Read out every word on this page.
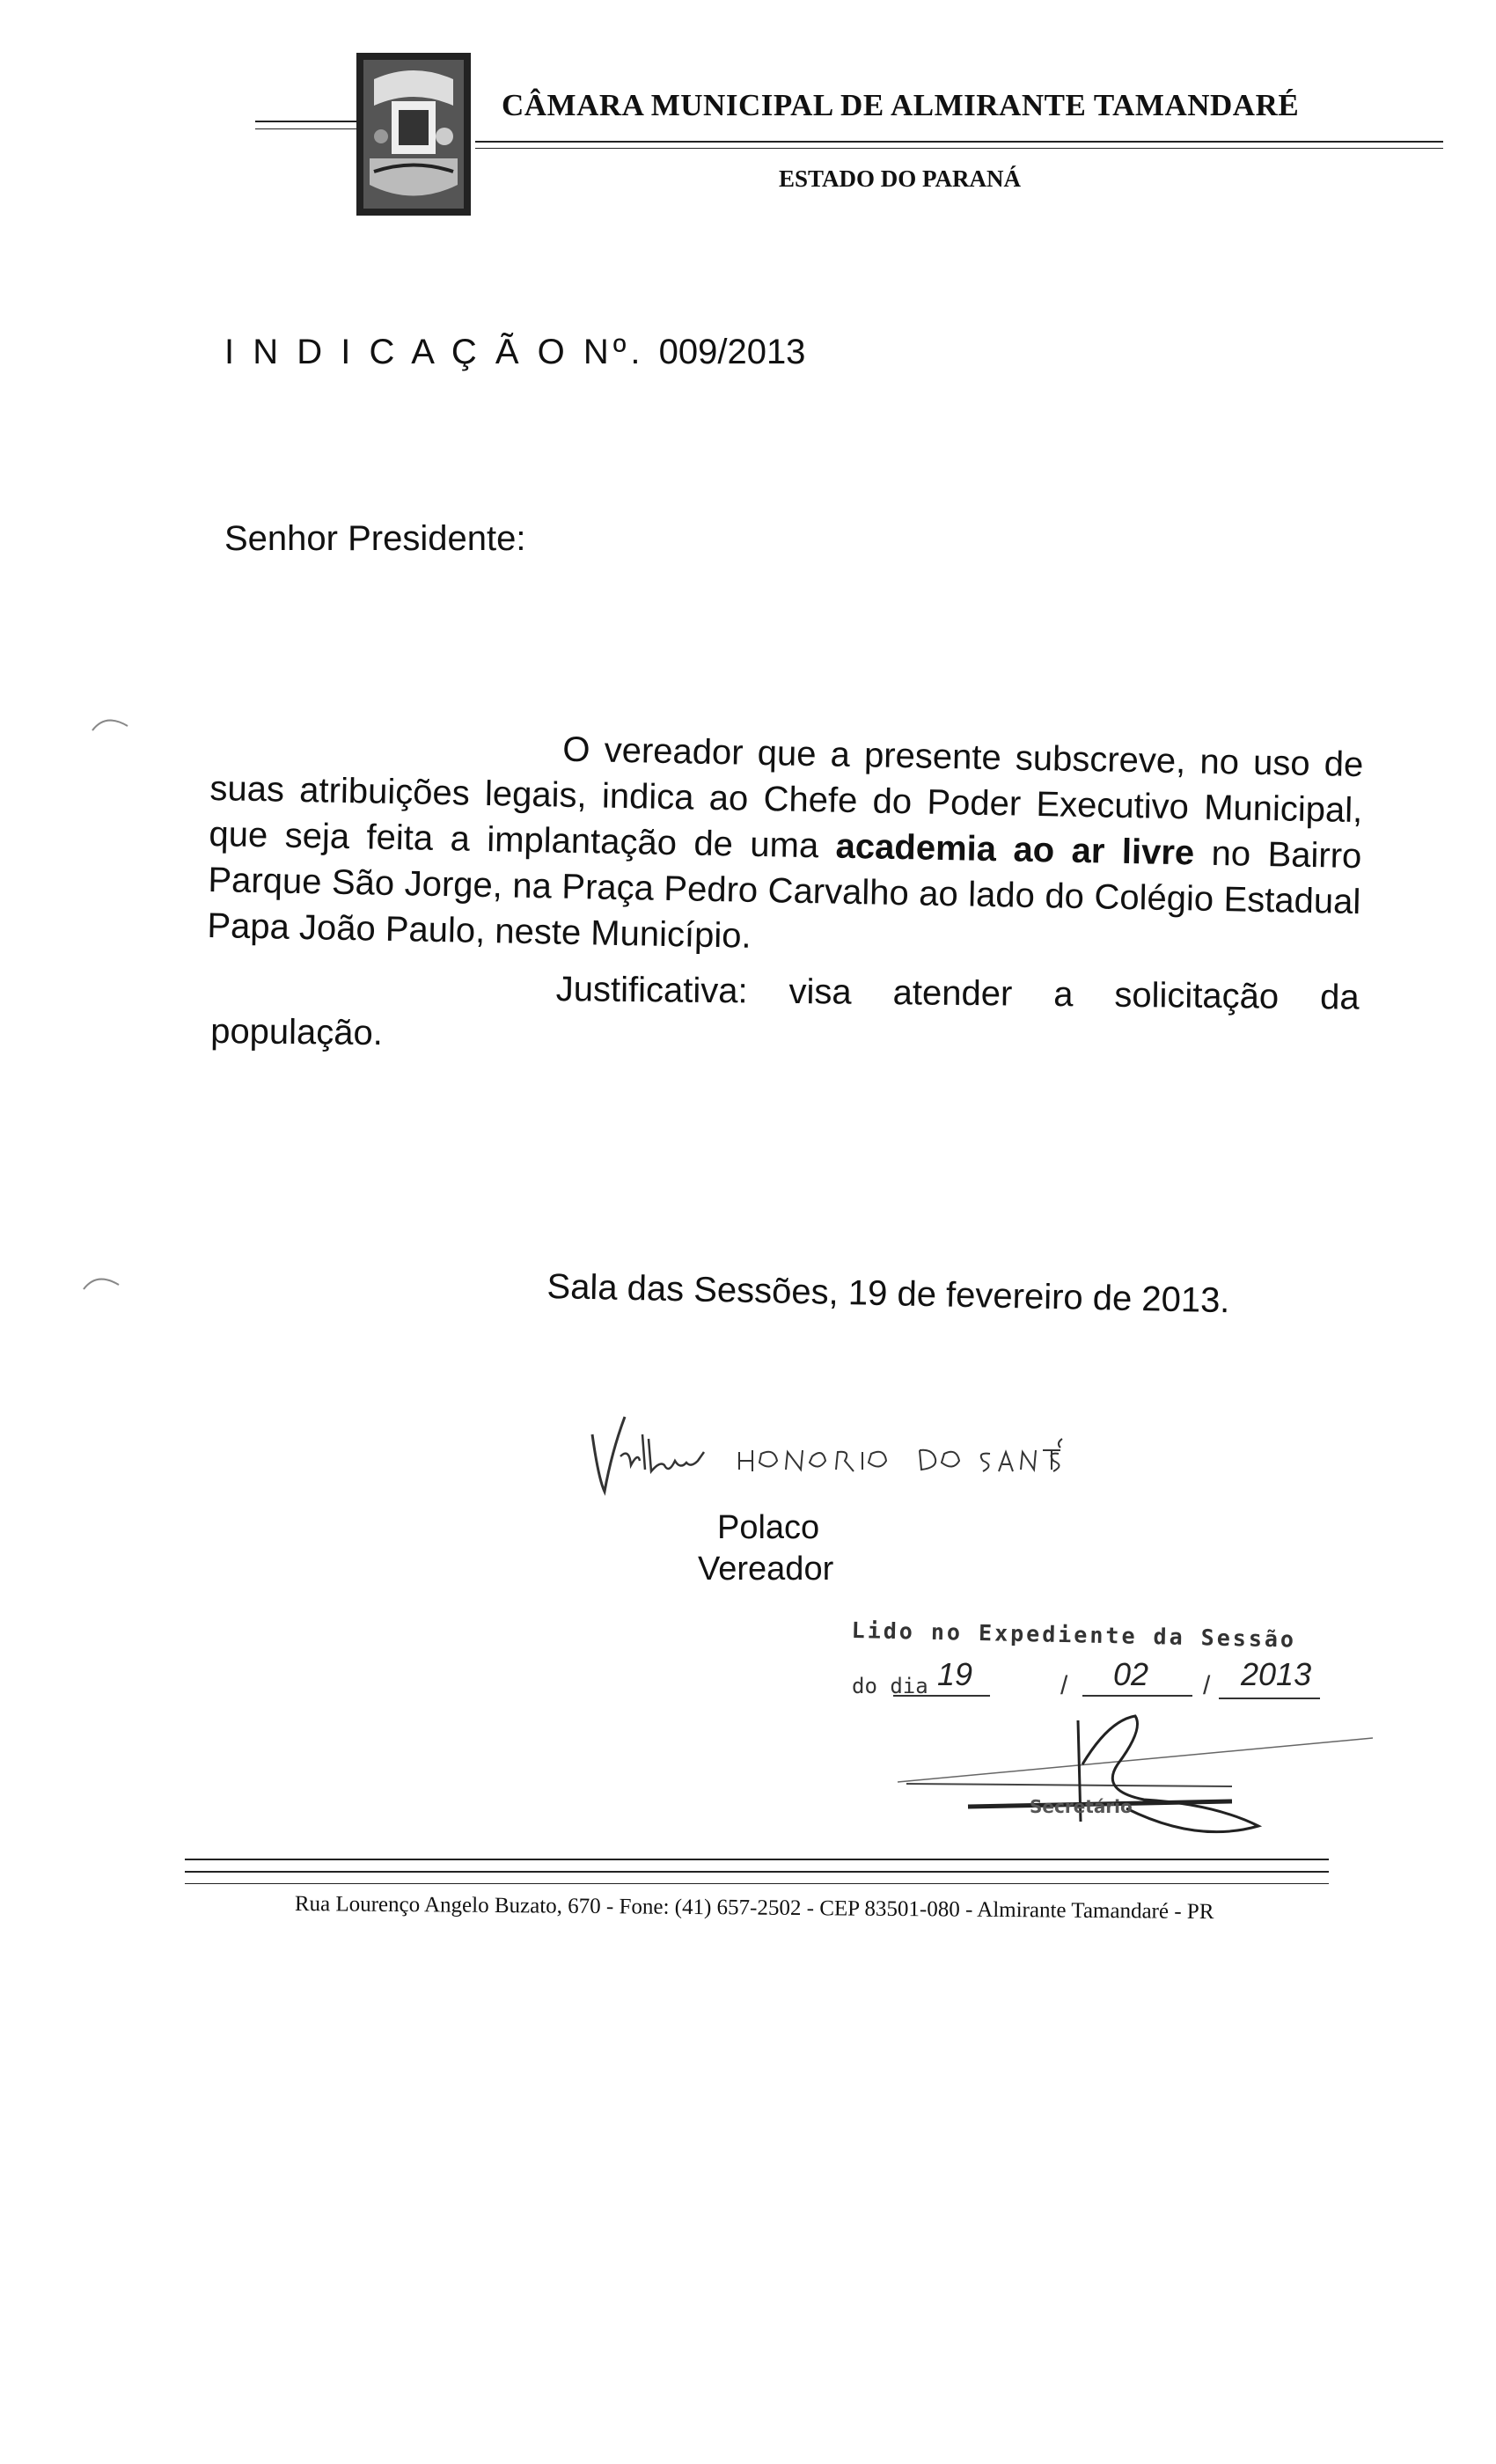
CÂMARA MUNICIPAL DE ALMIRANTE TAMANDARÉ
ESTADO DO PARANÁ
I N D I C A Ç Ã O Nº. 009/2013
Senhor Presidente:

O vereador que a presente subscreve, no uso de suas atribuições legais, indica ao Chefe do Poder Executivo Municipal, que seja feita a implantação de uma academia ao ar livre no Bairro Parque São Jorge, na Praça Pedro Carvalho ao lado do Colégio Estadual Papa João Paulo, neste Município.

Justificativa: visa atender a solicitação da
população.
Sala das Sessões, 19 de fevereiro de 2013.
Polaco
Vereador
Lido no Expediente da Sessão
do dia 19	02	2013
/	/
Secretário
Rua Lourenço Angelo Buzato, 670 - Fone: (41) 657-2502 - CEP 83501-080 - Almirante Tamandaré - PR
